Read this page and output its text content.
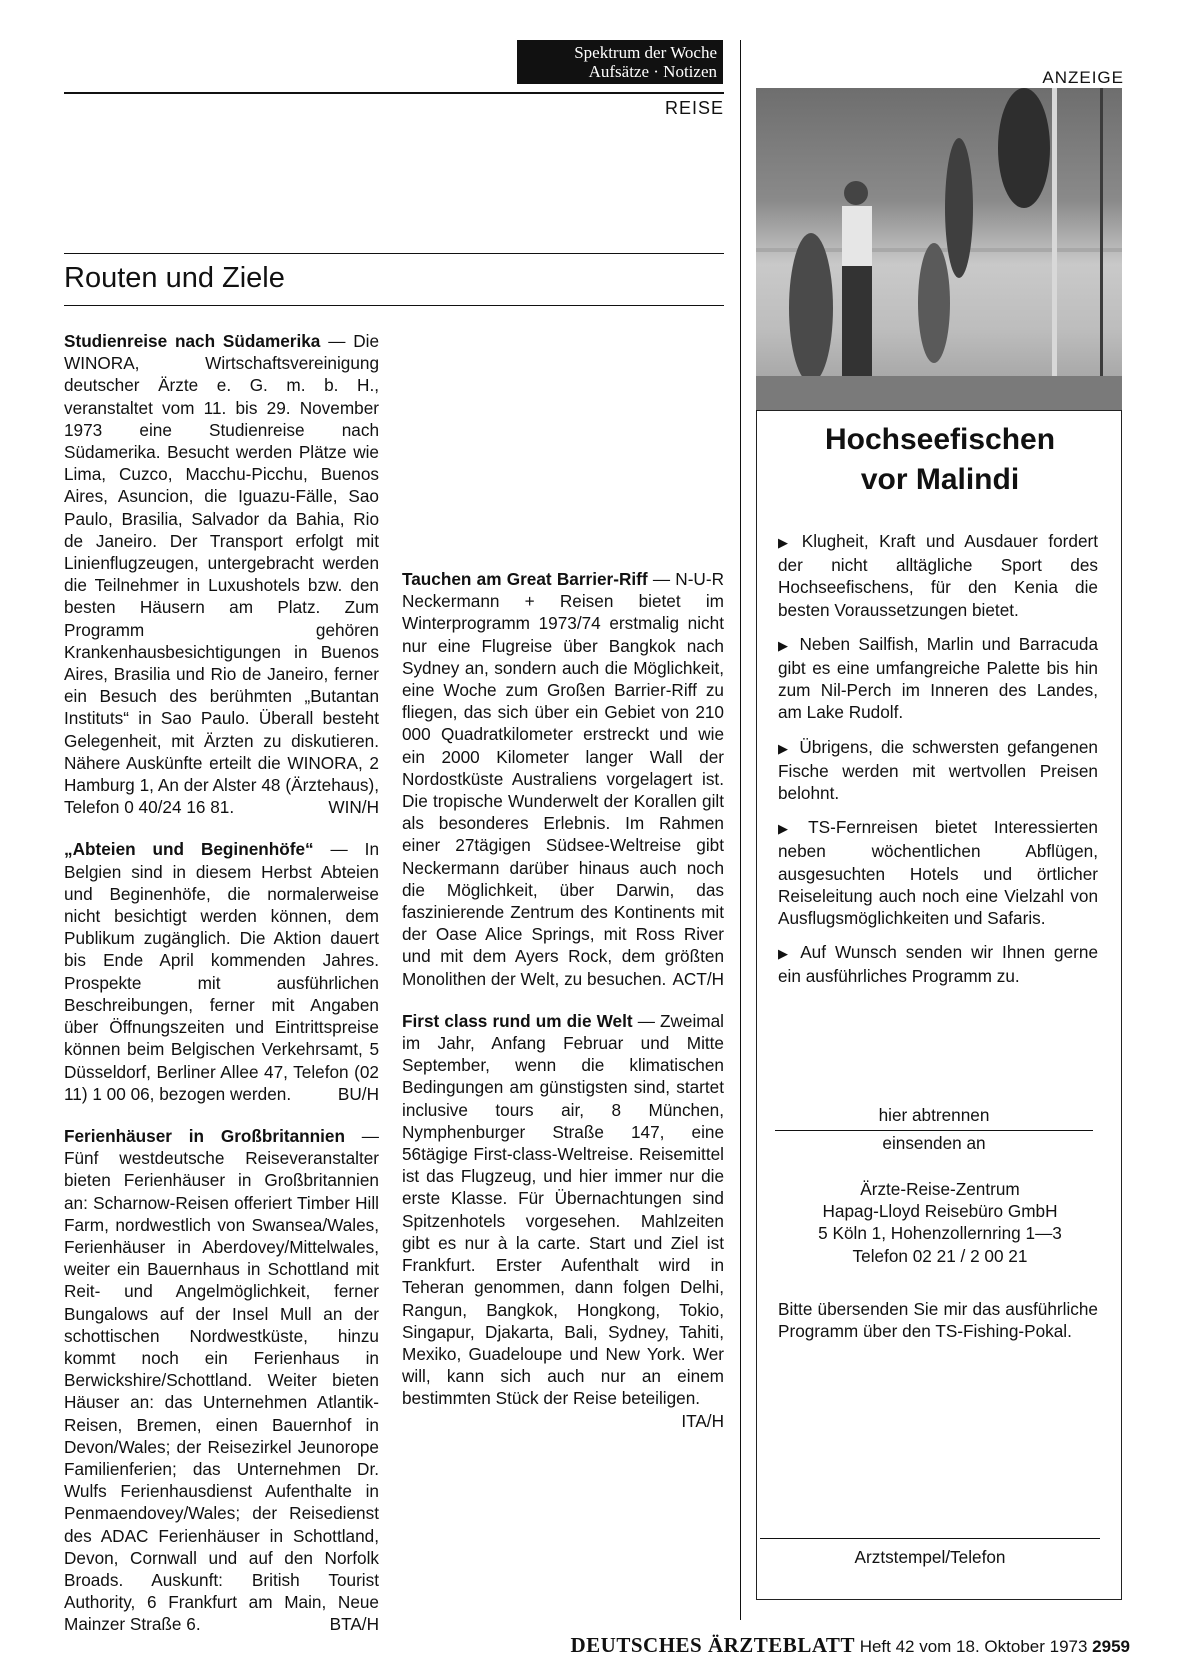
Spektrum der Woche
Aufsätze · Notizen
REISE
ANZEIGE
Routen und Ziele

Studienreise nach Südamerika — Die WINORA, Wirtschaftsvereinigung deutscher Ärzte e. G. m. b. H., veranstaltet vom 11. bis 29. November 1973 eine Studienreise nach Südamerika. Besucht werden Plätze wie Lima, Cuzco, Macchu-Picchu, Buenos Aires, Asuncion, die Iguazu-Fälle, Sao Paulo, Brasilia, Salvador da Bahia, Rio de Janeiro. Der Transport erfolgt mit Linienflugzeugen, untergebracht werden die Teilnehmer in Luxushotels bzw. den besten Häusern am Platz. Zum Programm gehören Krankenhausbesichtigungen in Buenos Aires, Brasilia und Rio de Janeiro, ferner ein Besuch des berühmten „Butantan Instituts“ in Sao Paulo. Überall besteht Gelegenheit, mit Ärzten zu diskutieren. Nähere Auskünfte erteilt die WINORA, 2 Hamburg 1, An der Alster 48 (Ärztehaus), Telefon 0 40/24 16 81.	WIN/H

„Abteien und Beginenhöfe“ — In Belgien sind in diesem Herbst Abteien und Beginenhöfe, die normalerweise nicht besichtigt werden können, dem Publikum zugänglich. Die Aktion dauert bis Ende April kommenden Jahres. Prospekte mit ausführlichen Beschreibungen, ferner mit Angaben über Öffnungszeiten und Eintrittspreise können beim Belgischen Verkehrsamt, 5 Düsseldorf, Berliner Allee 47, Telefon (02 11) 1 00 06, bezogen werden.	BU/H

Ferienhäuser in Großbritannien — Fünf westdeutsche Reiseveranstalter bieten Ferienhäuser in Großbritannien an: Scharnow-Reisen offeriert Timber Hill Farm, nordwestlich von Swansea/Wales, Ferienhäuser in Aberdovey/Mittelwales, weiter ein Bauernhaus in Schottland mit Reit- und Angelmöglichkeit, ferner Bungalows auf der Insel Mull an der schottischen Nordwestküste, hinzu kommt noch ein Ferienhaus in Berwickshire/Schottland. Weiter bieten Häuser an: das Unternehmen Atlantik-Reisen, Bremen, einen Bauernhof in Devon/Wales; der Reisezirkel Jeunorope Familienferien; das Unternehmen Dr. Wulfs Ferienhausdienst Aufenthalte in Penmaendovey/Wales; der Reisedienst des ADAC Ferienhäuser in Schottland, Devon, Cornwall und auf den Norfolk Broads. Auskunft: British Tourist Authority, 6 Frankfurt am Main, Neue Mainzer Straße 6.	BTA/H

Tauchen am Great Barrier-Riff — N-U-R Neckermann + Reisen bietet im Winterprogramm 1973/74 erstmalig nicht nur eine Flugreise über Bangkok nach Sydney an, sondern auch die Möglichkeit, eine Woche zum Großen Barrier-Riff zu fliegen, das sich über ein Gebiet von 210 000 Quadratkilometer erstreckt und wie ein 2000 Kilometer langer Wall der Nordostküste Australiens vorgelagert ist. Die tropische Wunderwelt der Korallen gilt als besonderes Erlebnis. Im Rahmen einer 27tägigen Südsee-Weltreise gibt Neckermann darüber hinaus auch noch die Möglichkeit, über Darwin, das faszinierende Zentrum des Kontinents mit der Oase Alice Springs, mit Ross River und mit dem Ayers Rock, dem größten Monolithen der Welt, zu besuchen. ACT/H

First class rund um die Welt — Zweimal im Jahr, Anfang Februar und Mitte September, wenn die klimatischen Bedingungen am günstigsten sind, startet inclusive tours air, 8 München, Nymphenburger Straße 147, eine 56tägige First-class-Weltreise. Reisemittel ist das Flugzeug, und hier immer nur die erste Klasse. Für Übernachtungen sind Spitzenhotels vorgesehen. Mahlzeiten gibt es nur à la carte. Start und Ziel ist Frankfurt. Erster Aufenthalt wird in Teheran genommen, dann folgen Delhi, Rangun, Bangkok, Hongkong, Tokio, Singapur, Djakarta, Bali, Sydney, Tahiti, Mexiko, Guadeloupe und New York. Wer will, kann sich auch nur an einem bestimmten Stück der Reise beteiligen.
ITA/H

Hochseefischen
vor Malindi

▶ Klugheit, Kraft und Ausdauer fordert der nicht alltägliche Sport des Hochseefischens, für den Kenia die besten Voraussetzungen bietet.

▶ Neben Sailfish, Marlin und Barracuda gibt es eine umfangreiche Palette bis hin zum Nil-Perch im Inneren des Landes, am Lake Rudolf.

▶ Übrigens, die schwersten gefangenen Fische werden mit wertvollen Preisen belohnt.

▶ TS-Fernreisen bietet Interessierten neben wöchentlichen Abflügen, ausgesuchten Hotels und örtlicher Reiseleitung auch noch eine Vielzahl von Ausflugsmöglichkeiten und Safaris.

▶ Auf Wunsch senden wir Ihnen gerne ein ausführliches Programm zu.

hier abtrennen
einsenden an
Ärzte-Reise-Zentrum
Hapag-Lloyd Reisebüro GmbH
5 Köln 1, Hohenzollernring 1—3
Telefon 02 21 / 2 00 21
Bitte übersenden Sie mir das ausführliche Programm über den TS-Fishing-Pokal.
Arztstempel/Telefon
DEUTSCHES ÄRZTEBLATT Heft 42 vom 18. Oktober 1973 2959
